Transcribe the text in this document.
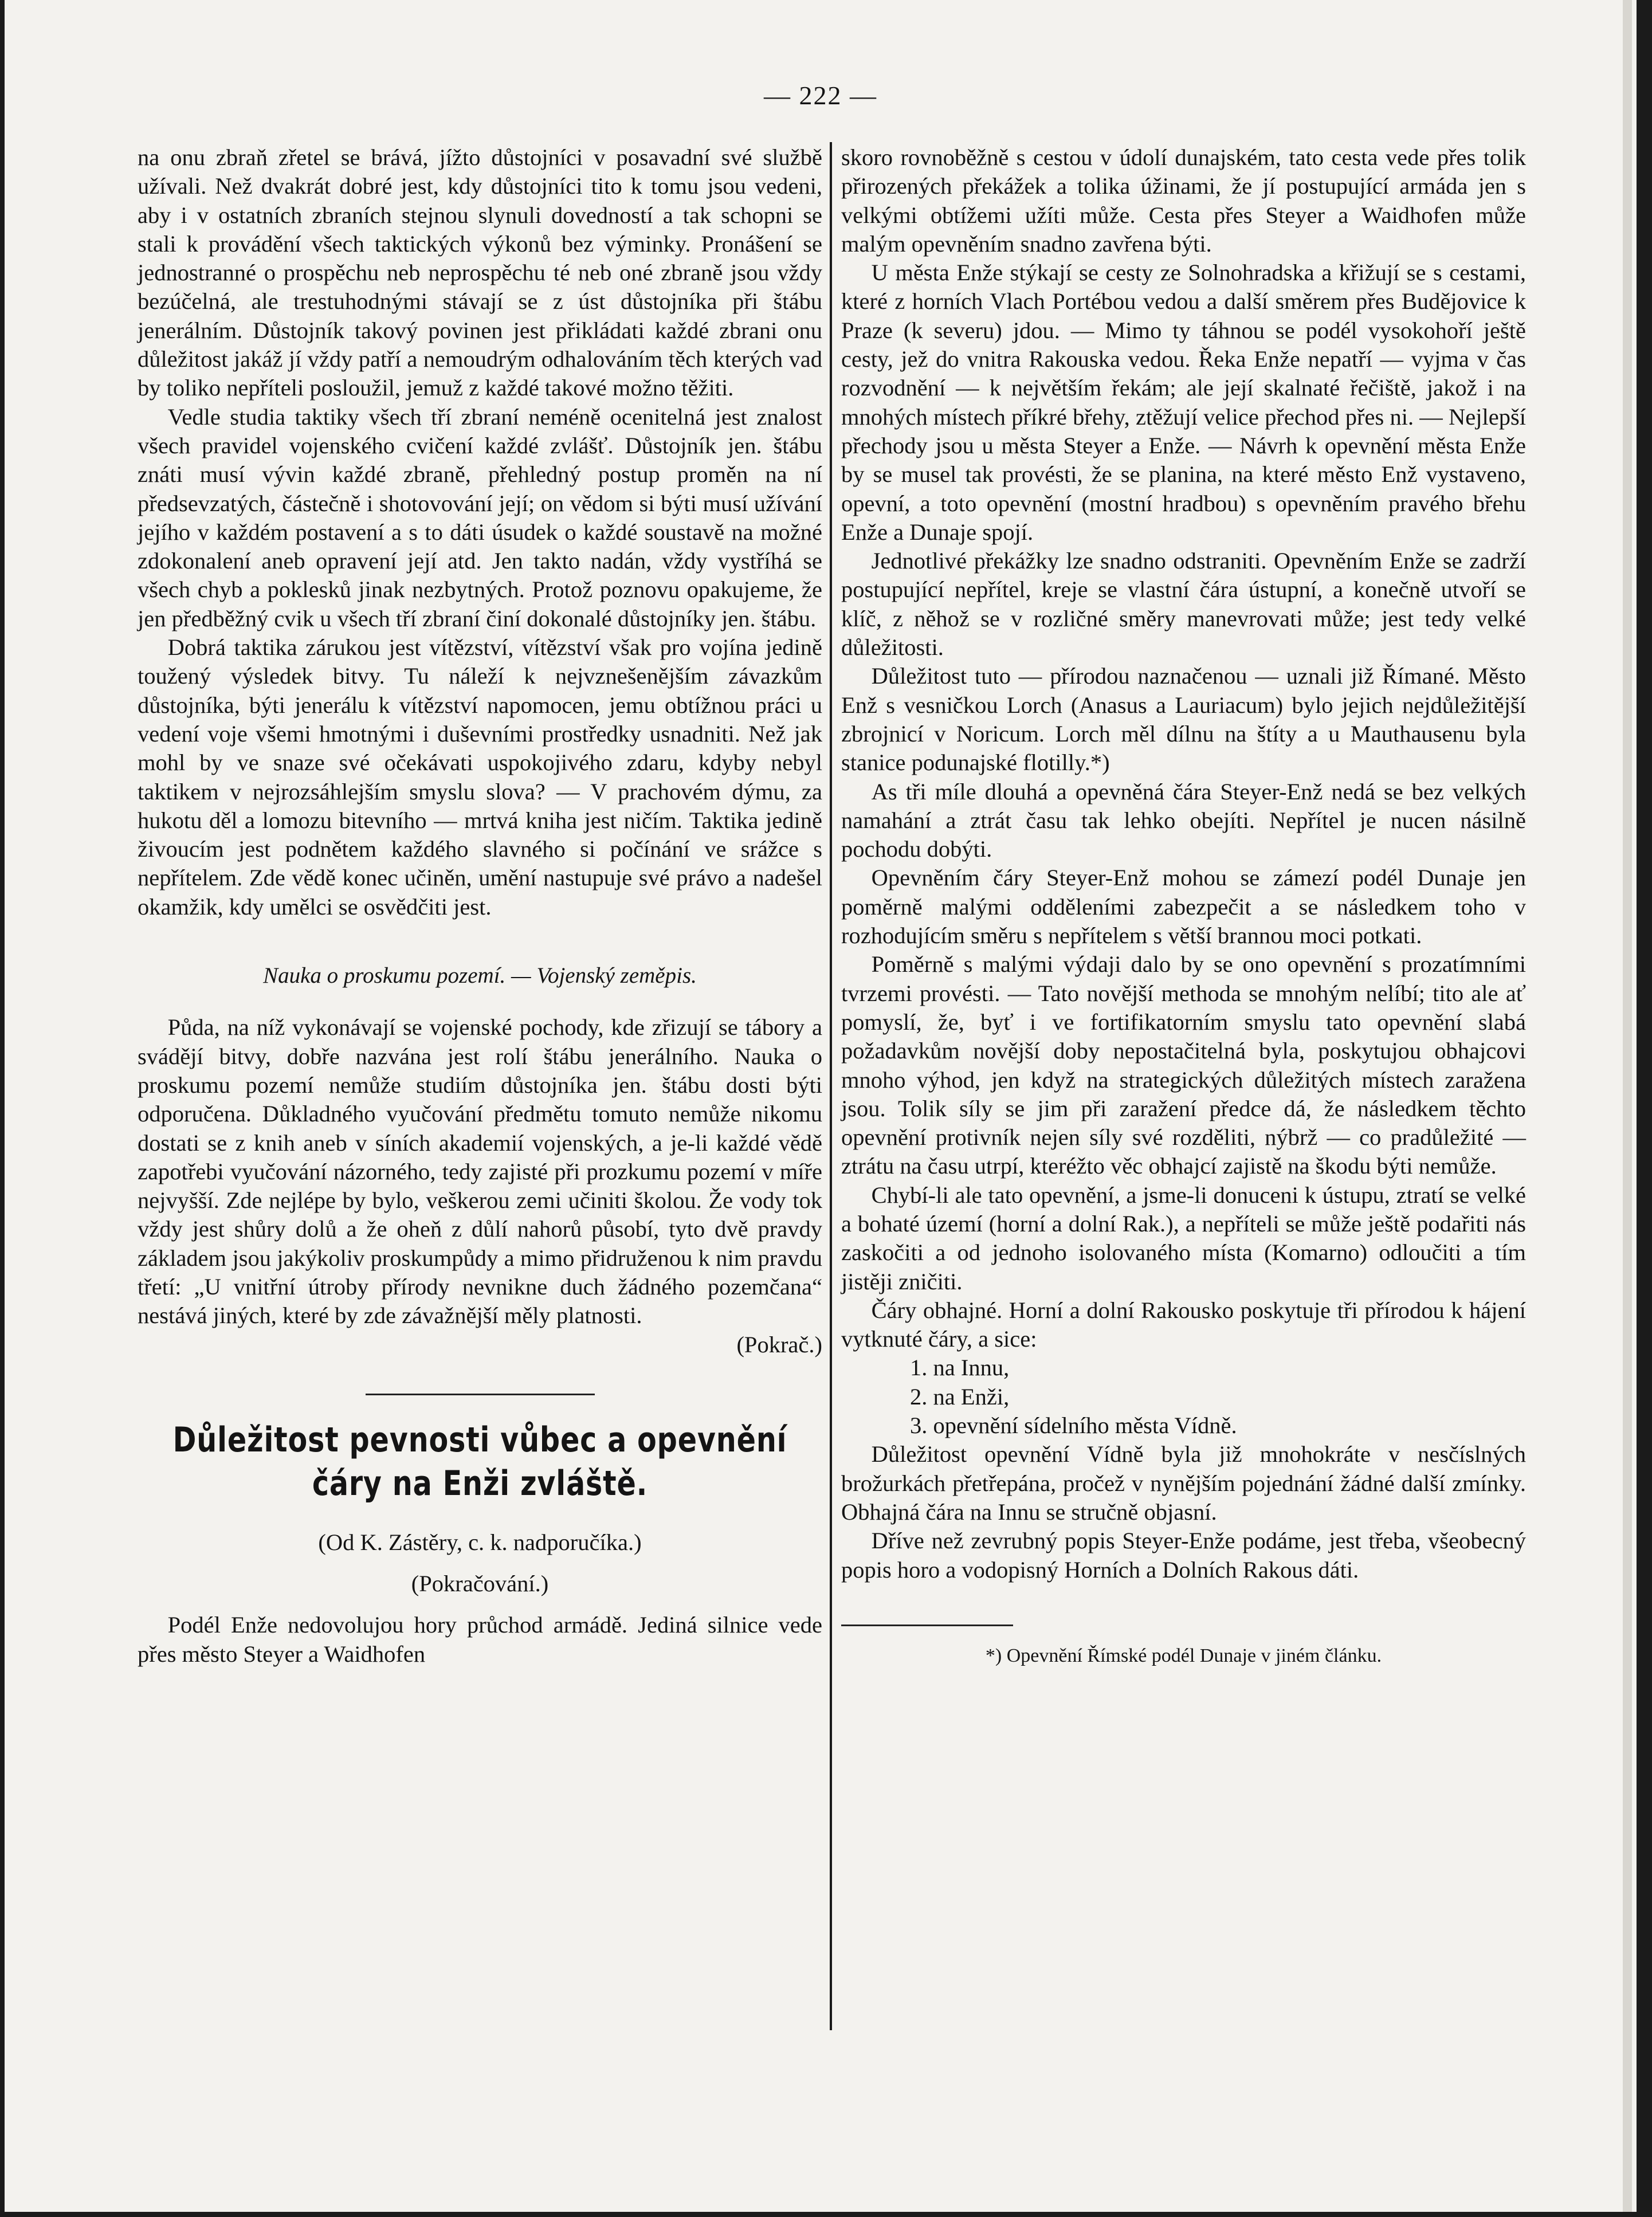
— 222 —

na onu zbraň zřetel se brává, jížto důstojníci v posavadní své službě užívali. Než dvakrát dobré jest, kdy důstojníci tito k tomu jsou vedeni, aby i v ostatních zbraních stejnou slynuli dovedností a tak schopni se stali k provádění všech taktických výkonů bez výminky. Pronášení se jednostranné o prospěchu neb neprospěchu té neb oné zbraně jsou vždy bezúčelná, ale trestuhodnými stávají se z úst důstojníka při štábu jenerálním. Důstojník takový povinen jest přikládati každé zbrani onu důležitost jakáž jí vždy patří a nemoudrým odhalováním těch kterých vad by toliko nepříteli posloužil, jemuž z každé takové možno těžiti.

Vedle studia taktiky všech tří zbraní neméně ocenitelná jest znalost všech pravidel vojenského cvičení každé zvlášť. Důstojník jen. štábu znáti musí vývin každé zbraně, přehledný postup proměn na ní předsevzatých, částečně i shotovování její; on vědom si býti musí užívání jejího v každém postavení a s to dáti úsudek o každé soustavě na možné zdokonalení aneb opravení její atd. Jen takto nadán, vždy vystříhá se všech chyb a poklesků jinak nezbytných. Protož poznovu opakujeme, že jen předběžný cvik u všech tří zbraní činí dokonalé důstojníky jen. štábu.

Dobrá taktika zárukou jest vítězství, vítězství však pro vojína jedině toužený výsledek bitvy. Tu náleží k nejvznešenějším závazkům důstojníka, býti jenerálu k vítězství napomocen, jemu obtížnou práci u vedení voje všemi hmotnými i duševními prostředky usnadniti. Než jak mohl by ve snaze své očekávati uspokojivého zdaru, kdyby nebyl taktikem v nejrozsáhlejším smyslu slova? — V prachovém dýmu, za hukotu děl a lomozu bitevního — mrtvá kniha jest ničím. Taktika jedině živoucím jest podnětem každého slavného si počínání ve srážce s nepřítelem. Zde vědě konec učiněn, umění nastupuje své právo a nadešel okamžik, kdy umělci se osvědčiti jest.

Nauka o proskumu pozemí. — Vojenský zeměpis.

Půda, na níž vykonávají se vojenské pochody, kde zřizují se tábory a svádějí bitvy, dobře nazvána jest rolí štábu jenerálního. Nauka o proskumu pozemí nemůže studiím důstojníka jen. štábu dosti býti odporučena. Důkladného vyučování předmětu tomuto nemůže nikomu dostati se z knih aneb v síních akademií vojenských, a je-li každé vědě zapotřebi vyučování názorného, tedy zajisté při prozkumu pozemí v míře nejvyšší. Zde nejlépe by bylo, veškerou zemi učiniti školou. Že vody tok vždy jest shůry dolů a že oheň z důlí nahorů působí, tyto dvě pravdy základem jsou jakýkoliv proskumpůdy a mimo přidruženou k nim pravdu třetí: „U vnitřní útroby přírody nevnikne duch žádného pozemčana“ nestává jiných, které by zde závažnější měly platnosti.

(Pokrač.)
Důležitost pevnosti vůbec a opevnění čáry na Enži zvláště.
(Od K. Zástěry, c. k. nadporučíka.)
(Pokračování.)

Podél Enže nedovolujou hory průchod armádě. Jediná silnice vede přes město Steyer a Waidhofen

skoro rovnoběžně s cestou v údolí dunajském, tato cesta vede přes tolik přirozených překážek a tolika úžinami, že jí postupující armáda jen s velkými obtížemi užíti může. Cesta přes Steyer a Waidhofen může malým opevněním snadno zavřena býti.

U města Enže stýkají se cesty ze Solnohradska a křižují se s cestami, které z horních Vlach Portébou vedou a další směrem přes Budějovice k Praze (k severu) jdou. — Mimo ty táhnou se podél vysokohoří ještě cesty, jež do vnitra Rakouska vedou. Řeka Enže nepatří — vyjma v čas rozvodnění — k největším řekám; ale její skalnaté řečiště, jakož i na mnohých místech příkré břehy, ztěžují velice přechod přes ni. — Nejlepší přechody jsou u města Steyer a Enže. — Návrh k opevnění města Enže by se musel tak provésti, že se planina, na které město Enž vystaveno, opevní, a toto opevnění (mostní hradbou) s opevněním pravého břehu Enže a Dunaje spojí.

Jednotlivé překážky lze snadno odstraniti. Opevněním Enže se zadrží postupující nepřítel, kreje se vlastní čára ústupní, a konečně utvoří se klíč, z něhož se v rozličné směry manevrovati může; jest tedy velké důležitosti.

Důležitost tuto — přírodou naznačenou — uznali již Římané. Město Enž s vesničkou Lorch (Anasus a Lauriacum) bylo jejich nejdůležitější zbrojnicí v Noricum. Lorch měl dílnu na štíty a u Mauthausenu byla stanice podunajské flotilly.*)

As tři míle dlouhá a opevněná čára Steyer-Enž nedá se bez velkých namahání a ztrát času tak lehko obejíti. Nepřítel je nucen násilně pochodu dobýti.

Opevněním čáry Steyer-Enž mohou se zámezí podél Dunaje jen poměrně malými odděleními zabezpečit a se následkem toho v rozhodujícím směru s nepřítelem s větší brannou moci potkati.

Poměrně s malými výdaji dalo by se ono opevnění s prozatímními tvrzemi provésti. — Tato novější methoda se mnohým nelíbí; tito ale ať pomyslí, že, byť i ve fortifikatorním smyslu tato opevnění slabá požadavkům novější doby nepostačitelná byla, poskytujou obhajcovi mnoho výhod, jen když na strategických důležitých místech zaražena jsou. Tolik síly se jim při zaražení předce dá, že následkem těchto opevnění protivník nejen síly své rozděliti, nýbrž — co pradůležité — ztrátu na času utrpí, kteréžto věc obhajcí zajistě na škodu býti nemůže.

Chybí-li ale tato opevnění, a jsme-li donuceni k ústupu, ztratí se velké a bohaté území (horní a dolní Rak.), a nepříteli se může ještě podařiti nás zaskočiti a od jednoho isolovaného místa (Komarno) odloučiti a tím jistěji zničiti.

Čáry obhajné. Horní a dolní Rakousko poskytuje tři přírodou k hájení vytknuté čáry, a sice:

1. na Innu,

2. na Enži,

3. opevnění sídelního města Vídně.

Důležitost opevnění Vídně byla již mnohokráte v nesčíslných brožurkách přetřepána, pročež v nynějším pojednání žádné další zmínky. Obhajná čára na Innu se stručně objasní.

Dříve než zevrubný popis Steyer-Enže podáme, jest třeba, všeobecný popis horo a vodopisný Horních a Dolních Rakous dáti.

*) Opevnění Římské podél Dunaje v jiném článku.
